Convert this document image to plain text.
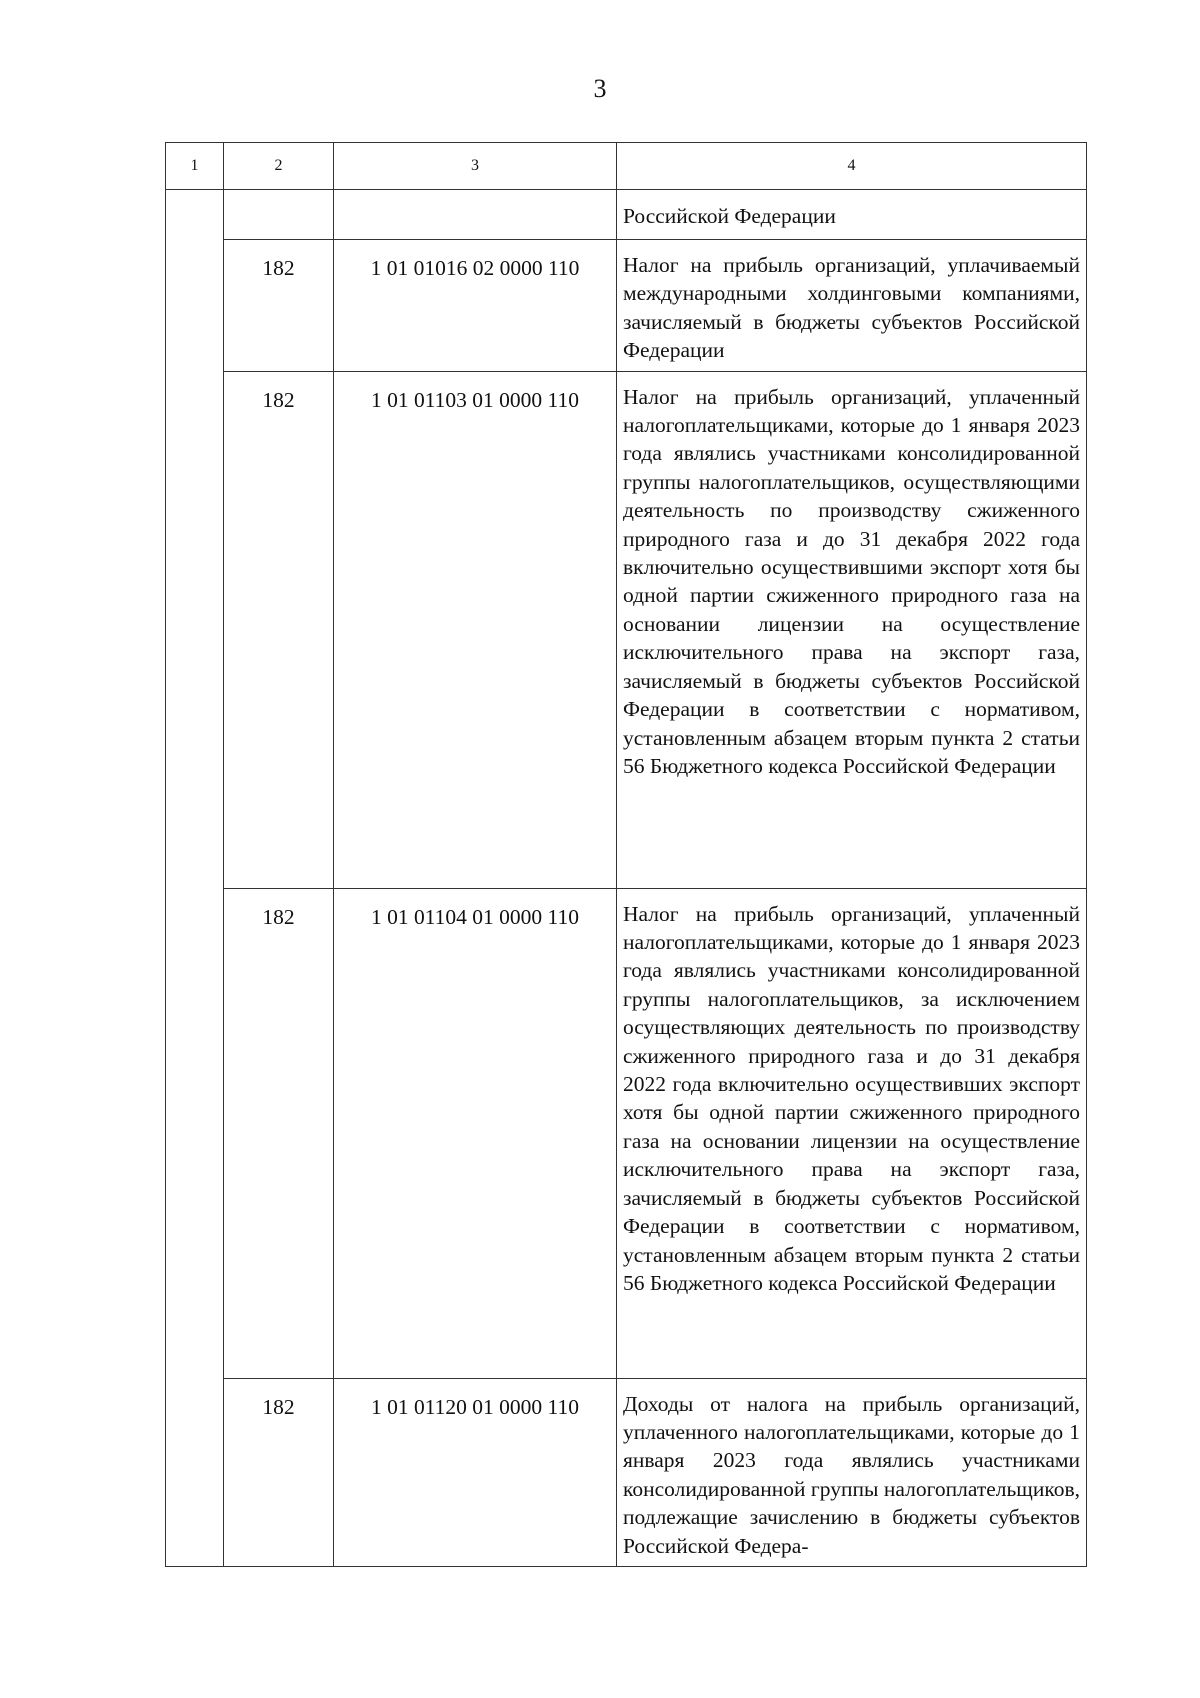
3
1	2	3	4
			Российской Федерации
	182	1 01 01016 02 0000 110	Налог на прибыль организаций, уплачиваемый международными холдинговыми компаниями, зачисляемый в бюджеты субъектов Российской Федерации
	182	1 01 01103 01 0000 110	Налог на прибыль организаций, уплаченный налогоплательщиками, которые до 1 января 2023 года являлись участниками консолидированной группы налогоплательщиков, осуществляющими деятельность по производству сжиженного природного газа и до 31 декабря 2022 года включительно осуществившими экспорт хотя бы одной партии сжиженного природного газа на основании лицензии на осуществление исключительного права на экспорт газа, зачисляемый в бюджеты субъектов Российской Федерации в соответствии с нормативом, установленным абзацем вторым пункта 2 статьи 56 Бюджетного кодекса Российской Федерации
	182	1 01 01104 01 0000 110	Налог на прибыль организаций, уплаченный налогоплательщиками, которые до 1 января 2023 года являлись участниками консолидированной группы налогоплательщиков, за исключением осуществляющих деятельность по производству сжиженного природного газа и до 31 декабря 2022 года включительно осуществивших экспорт хотя бы одной партии сжиженного природного газа на основании лицензии на осуществление исключительного права на экспорт газа, зачисляемый в бюджеты субъектов Российской Федерации в соответствии с нормативом, установленным абзацем вторым пункта 2 статьи 56 Бюджетного кодекса Российской Федерации
	182	1 01 01120 01 0000 110	Доходы от налога на прибыль организаций, уплаченного налогоплательщиками, которые до 1 января 2023 года являлись участниками консолидированной группы налогоплательщиков, подлежащие зачислению в бюджеты субъектов Российской Федера-
